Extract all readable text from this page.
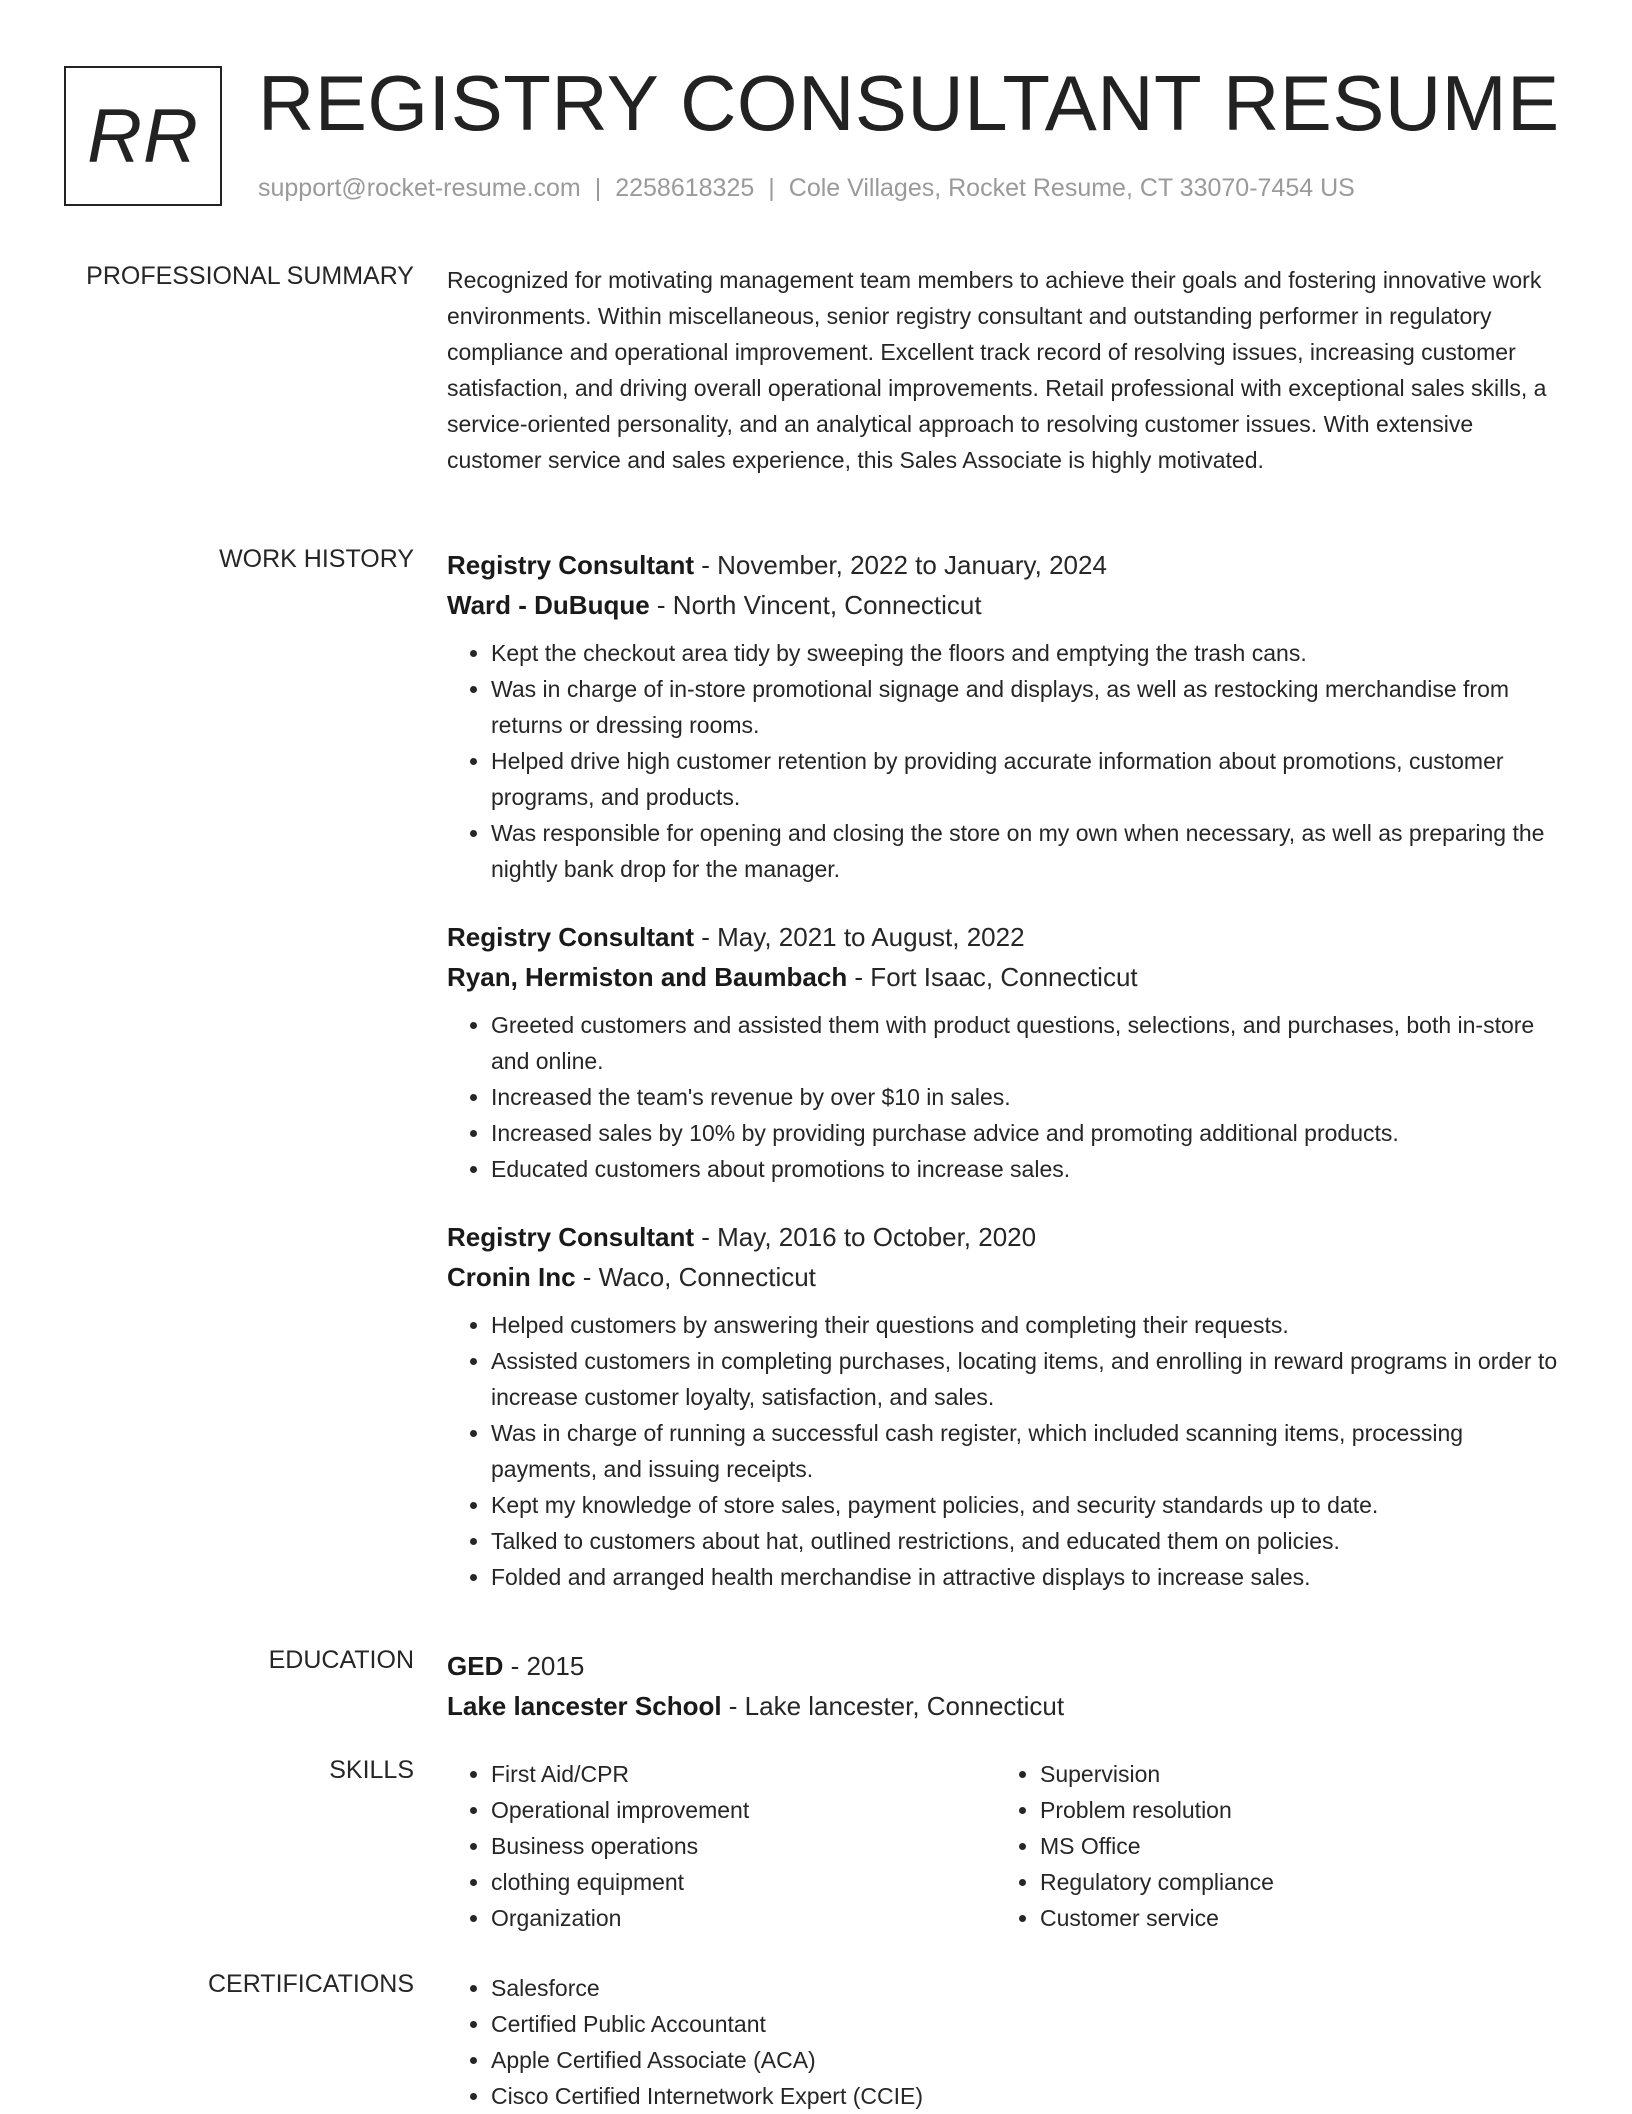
RR REGISTRY CONSULTANT RESUME
support@rocket-resume.com | 2258618325 | Cole Villages, Rocket Resume, CT 33070-7454 US
PROFESSIONAL SUMMARY Recognized for motivating management team members to achieve their goals and fostering innovative work environments. Within miscellaneous, senior registry consultant and outstanding performer in regulatory compliance and operational improvement. Excellent track record of resolving issues, increasing customer satisfaction, and driving overall operational improvements. Retail professional with exceptional sales skills, a service-oriented personality, and an analytical approach to resolving customer issues. With extensive customer service and sales experience, this Sales Associate is highly motivated.

WORK HISTORY Registry Consultant - November, 2022 to January, 2024
Ward - DuBuque - North Vincent, Connecticut
• Kept the checkout area tidy by sweeping the floors and emptying the trash cans.
• Was in charge of in-store promotional signage and displays, as well as restocking merchandise from returns or dressing rooms.
• Helped drive high customer retention by providing accurate information about promotions, customer programs, and products.
• Was responsible for opening and closing the store on my own when necessary, as well as preparing the nightly bank drop for the manager.
Registry Consultant - May, 2021 to August, 2022
Ryan, Hermiston and Baumbach - Fort Isaac, Connecticut
• Greeted customers and assisted them with product questions, selections, and purchases, both in-store and online.
• Increased the team's revenue by over $10 in sales.
• Increased sales by 10% by providing purchase advice and promoting additional products.
• Educated customers about promotions to increase sales.
Registry Consultant - May, 2016 to October, 2020
Cronin Inc - Waco, Connecticut
• Helped customers by answering their questions and completing their requests.
• Assisted customers in completing purchases, locating items, and enrolling in reward programs in order to increase customer loyalty, satisfaction, and sales.
• Was in charge of running a successful cash register, which included scanning items, processing payments, and issuing receipts.
• Kept my knowledge of store sales, payment policies, and security standards up to date.
• Talked to customers about hat, outlined restrictions, and educated them on policies.
• Folded and arranged health merchandise in attractive displays to increase sales.
EDUCATION GED - 2015
Lake lancester School - Lake lancester, Connecticut
SKILLS	• First Aid/CPR
• Operational improvement
• Business operations
• clothing equipment
• Organization
• Supervision
• Problem resolution
• MS Office
• Regulatory compliance
• Customer service
CERTIFICATIONS	• Salesforce
• Certified Public Accountant
• Apple Certified Associate (ACA)
• Cisco Certified Internetwork Expert (CCIE)
